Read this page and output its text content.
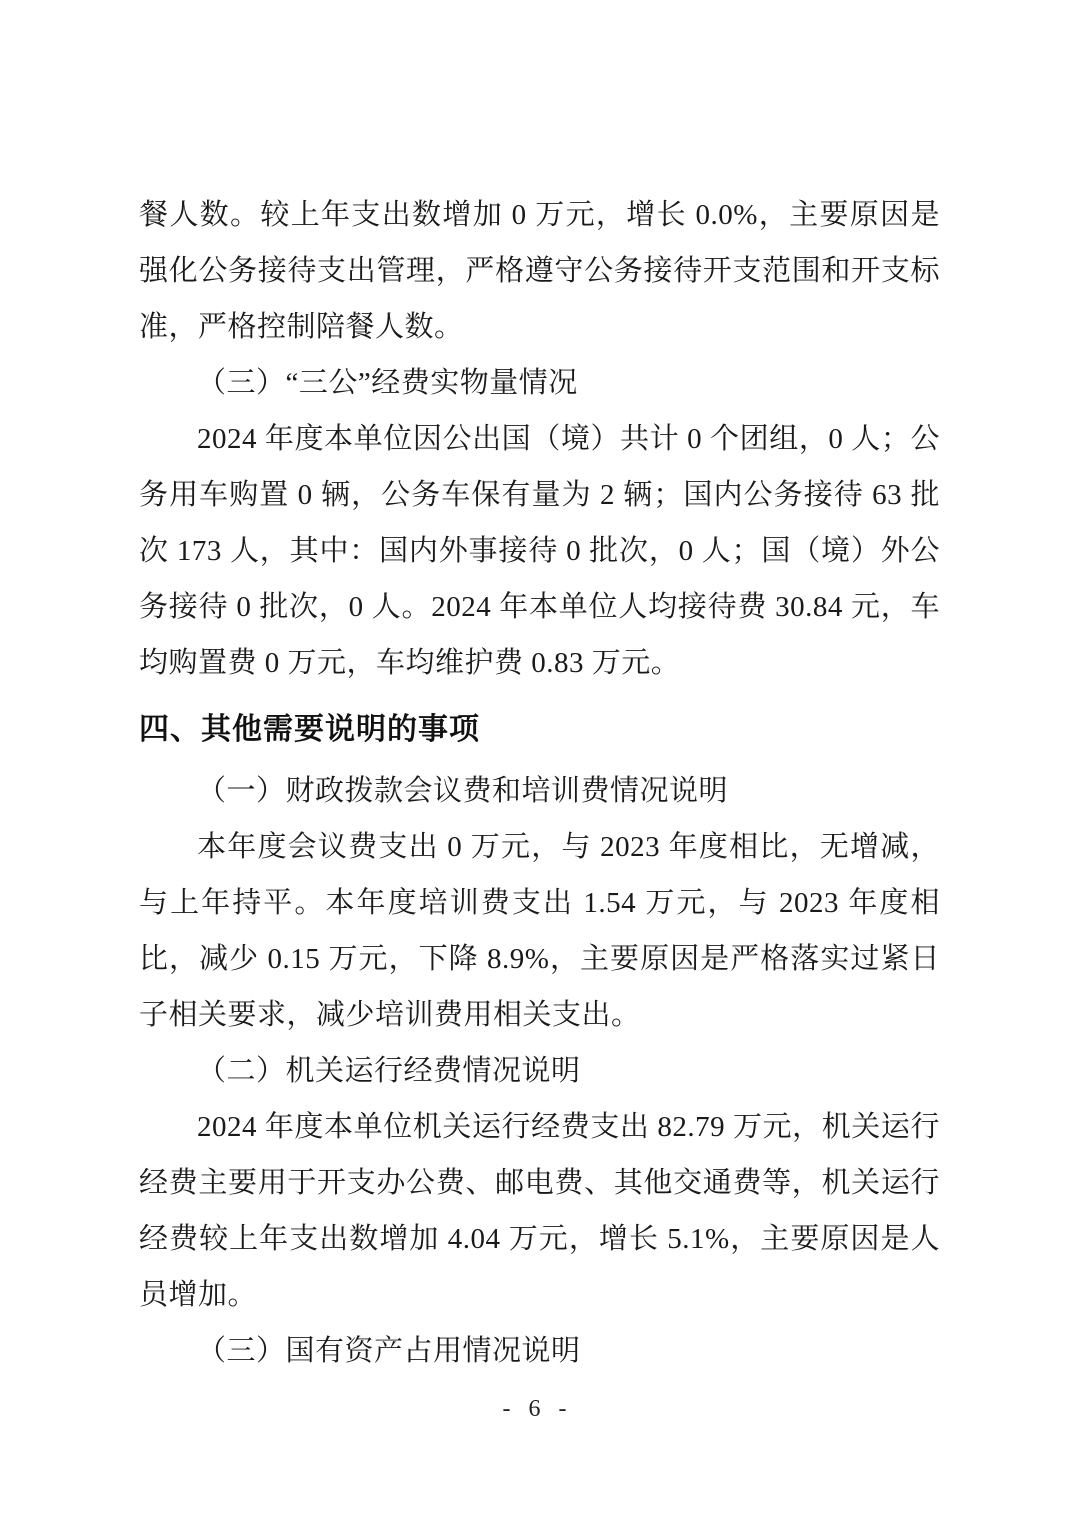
餐人数。较上年支出数增加 0 万元，增长 0.0%，主要原因是强化公务接待支出管理，严格遵守公务接待开支范围和开支标准，严格控制陪餐人数。

（三）“三公”经费实物量情况

2024 年度本单位因公出国（境）共计 0 个团组，0 人；公务用车购置 0 辆，公务车保有量为 2 辆；国内公务接待 63 批次 173 人，其中：国内外事接待 0 批次，0 人；国（境）外公务接待 0 批次，0 人。2024 年本单位人均接待费 30.84 元，车均购置费 0 万元，车均维护费 0.83 万元。

四、其他需要说明的事项

（一）财政拨款会议费和培训费情况说明

本年度会议费支出 0 万元，与 2023 年度相比，无增减，与上年持平。本年度培训费支出 1.54 万元，与 2023 年度相比，减少 0.15 万元，下降 8.9%，主要原因是严格落实过紧日子相关要求，减少培训费用相关支出。

（二）机关运行经费情况说明

2024 年度本单位机关运行经费支出 82.79 万元，机关运行经费主要用于开支办公费、邮电费、其他交通费等，机关运行经费较上年支出数增加 4.04 万元，增长 5.1%，主要原因是人员增加。

（三）国有资产占用情况说明

- 6 -
